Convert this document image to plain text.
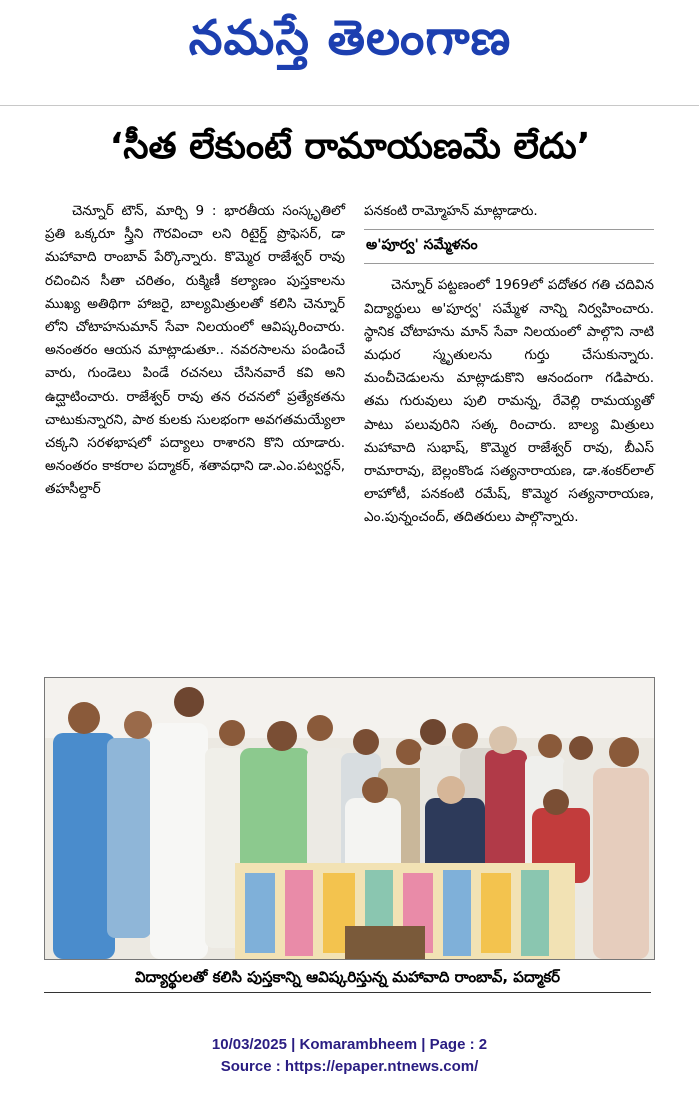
నమస్తే తెలంగాణ
‘సీత లేకుంటే రామాయణమే లేదు’

చెన్నూర్ టౌన్, మార్చి 9 : భారతీయ సంస్కృతిలో ప్రతి ఒక్కరూ స్త్రీని గౌరవించా లని రిటైర్డ్ ప్రొఫెసర్, డా మహావాది రాంబావ్ పేర్కొన్నారు. కొమ్మెర రాజేశ్వర్ రావు రచించిన సీతా చరితం, రుక్మిణీ కల్యాణం పుస్తకాలను ముఖ్య అతిథిగా హాజరై, బాల్యమిత్రులతో కలిసి చెన్నూర్ లోని చోటాహనుమాన్ సేవా నిలయంలో ఆవిష్కరించారు. అనంతరం ఆయన మాట్లాడుతూ.. నవరసాలను పండించే వారు, గుండెలు పిండే రచనలు చేసినవారే కవి అని ఉద్ఘాటించారు. రాజేశ్వర్ రావు తన రచనలో ప్రత్యేకతను చాటుకున్నారని, పాఠ కులకు సులభంగా అవగతమయ్యేలా చక్కని సరళభాషలో పద్యాలు రాశారని కొని యాడారు. అనంతరం కాకరాల పద్మాకర్, శతావధాని డా.ఎం.పట్వర్ధన్, తహసీల్దార్

పనకంటి రామ్మోహన్ మాట్లాడారు.

అ'పూర్వ' సమ్మేళనం

చెన్నూర్ పట్టణంలో 1969లో పదోతర గతి చదివిన విద్యార్థులు అ'పూర్వ' సమ్మేళ నాన్ని నిర్వహించారు. స్థానిక చోటాహను మాన్ సేవా నిలయంలో పాల్గొని నాటి మధుర స్మృతులను గుర్తు చేసుకున్నారు. మంచీచెడులను మాట్లాడుకొని ఆనందంగా గడిపారు. తమ గురువులు పులి రామన్న, రేవెల్లి రామయ్యతో పాటు పలువురిని సత్క రించారు. బాల్య మిత్రులు మహావాది సుభాష్, కొమ్మెర రాజేశ్వర్ రావు, బీఎస్ రామారావు, బెల్లంకొండ సత్యనారాయణ, డా.శంకర్‌లాల్ లాహోటీ, పనకంటి రమేష్, కొమ్మెర సత్యనారాయణ, ఎం.పున్నంచంద్, తదితరులు పాల్గొన్నారు.

విద్యార్థులతో కలిసి పుస్తకాన్ని ఆవిష్కరిస్తున్న మహావాది రాంబావ్, పద్మాకర్
10/03/2025 | Komarambheem | Page : 2
Source : https://epaper.ntnews.com/
